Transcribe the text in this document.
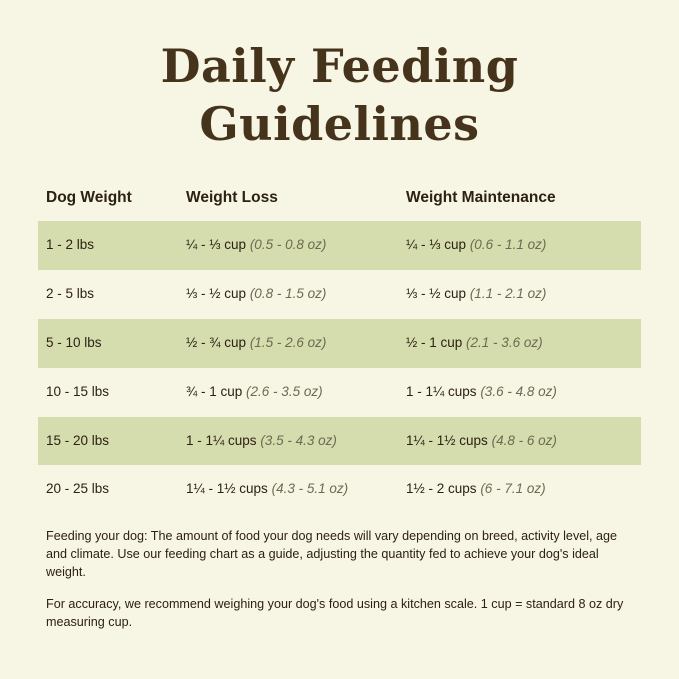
Daily Feeding
Guidelines
Dog Weight	Weight Loss	Weight Maintenance
1 - 2 lbs	¼ - ⅓ cup (0.5 - 0.8 oz)	¼ - ⅓ cup (0.6 - 1.1 oz)
2 - 5 lbs	⅓ - ½ cup (0.8 - 1.5 oz)	⅓ - ½ cup (1.1 - 2.1 oz)
5 - 10 lbs	½ - ¾ cup (1.5 - 2.6 oz)	½ - 1 cup (2.1 - 3.6 oz)
10 - 15 lbs	¾ - 1 cup (2.6 - 3.5 oz)	1 - 1¼ cups (3.6 - 4.8 oz)
15 - 20 lbs	1 - 1¼ cups (3.5 - 4.3 oz)	1¼ - 1½ cups (4.8 - 6 oz)
20 - 25 lbs	1¼ - 1½ cups (4.3 - 5.1 oz)	1½ - 2 cups (6 - 7.1 oz)

Feeding your dog: The amount of food your dog needs will vary depending on breed, activity level, age and climate. Use our feeding chart as a guide, adjusting the quantity fed to achieve your dog's ideal weight.

For accuracy, we recommend weighing your dog's food using a kitchen scale. 1 cup = standard 8 oz dry measuring cup.
